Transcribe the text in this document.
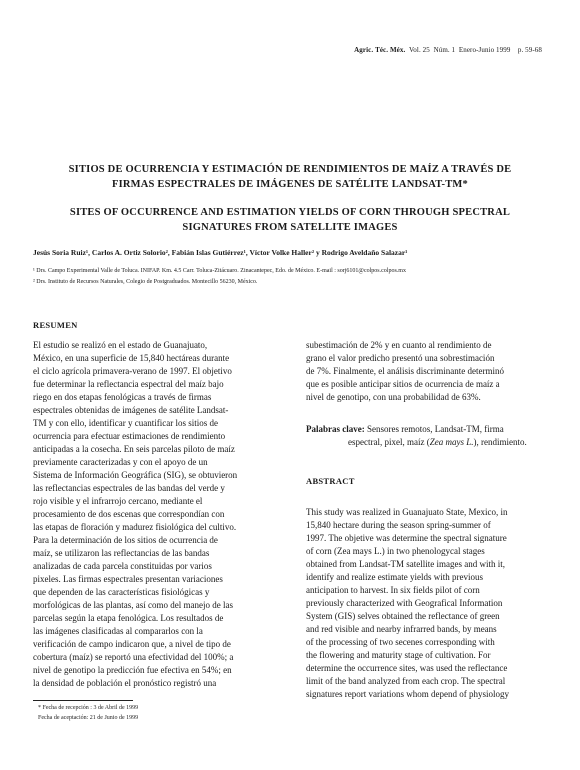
Agric. Téc. Méx. Vol. 25 Núm. 1 Enero-Junio 1999 p. 59-68
SITIOS DE OCURRENCIA Y ESTIMACIÓN DE RENDIMIENTOS DE MAÍZ A TRAVÉS DE
FIRMAS ESPECTRALES DE IMÁGENES DE SATÉLITE LANDSAT-TM*
SITES OF OCCURRENCE AND ESTIMATION YIELDS OF CORN THROUGH SPECTRAL
SIGNATURES FROM SATELLITE IMAGES
Jesús Soria Ruiz¹, Carlos A. Ortiz Solorio², Fabián Islas Gutiérrez¹, Víctor Volke Haller² y Rodrigo Aveldaño Salazar¹
¹ Drs. Campo Experimental Valle de Toluca. INIFAP. Km. 4.5 Carr. Toluca-Zitácuaro. Zinacantepec, Edo. de México. E-mail : sorj6101@colpos.colpos.mx
² Drs. Instituto de Recursos Naturales, Colegio de Postgraduados. Montecillo 56230, México.
RESUMEN
El estudio se realizó en el estado de Guanajuato,
México, en una superficie de 15,840 hectáreas durante
el ciclo agrícola primavera-verano de 1997. El objetivo
fue determinar la reflectancia espectral del maíz bajo
riego en dos etapas fenológicas a través de firmas
espectrales obtenidas de imágenes de satélite Landsat-
TM y con ello, identificar y cuantificar los sitios de
ocurrencia para efectuar estimaciones de rendimiento
anticipadas a la cosecha. En seis parcelas piloto de maíz
previamente caracterizadas y con el apoyo de un
Sistema de Información Geográfica (SIG), se obtuvieron
las reflectancias espectrales de las bandas del verde y
rojo visible y el infrarrojo cercano, mediante el
procesamiento de dos escenas que correspondían con
las etapas de floración y madurez fisiológica del cultivo.
Para la determinación de los sitios de ocurrencia de
maíz, se utilizaron las reflectancias de las bandas
analizadas de cada parcela constituidas por varios
pixeles. Las firmas espectrales presentan variaciones
que dependen de las características fisiológicas y
morfológicas de las plantas, así como del manejo de las
parcelas según la etapa fenológica. Los resultados de
las imágenes clasificadas al compararlos con la
verificación de campo indicaron que, a nivel de tipo de
cobertura (maíz) se reportó una efectividad del 100%; a
nivel de genotipo la predicción fue efectiva en 54%; en
la densidad de población el pronóstico registró una
subestimación de 2% y en cuanto al rendimiento de
grano el valor predicho presentó una sobrestimación
de 7%. Finalmente, el análisis discriminante determinó
que es posible anticipar sitios de ocurrencia de maíz a
nivel de genotipo, con una probabilidad de 63%.
Palabras clave: Sensores remotos, Landsat-TM, firma
espectral, pixel, maíz (Zea mays L.), rendimiento.
ABSTRACT
This study was realized in Guanajuato State, Mexico, in
15,840 hectare during the season spring-summer of
1997. The objetive was determine the spectral signature
of corn (Zea mays L.) in two phenologycal stages
obtained from Landsat-TM satellite images and with it,
identify and realize estimate yields with previous
anticipation to harvest. In six fields pilot of corn
previously characterized with Geografical Information
System (GIS) selves obtained the reflectance of green
and red visible and nearby infrarred bands, by means
of the processing of two secenes corresponding with
the flowering and maturity stage of cultivation. For
determine the occurrence sites, was used the reflectance
limit of the band analyzed from each crop. The spectral
signatures report variations whom depend of physiology
* Fecha de recepción : 3 de Abril de 1999
Fecha de aceptación: 21 de Junio de 1999
